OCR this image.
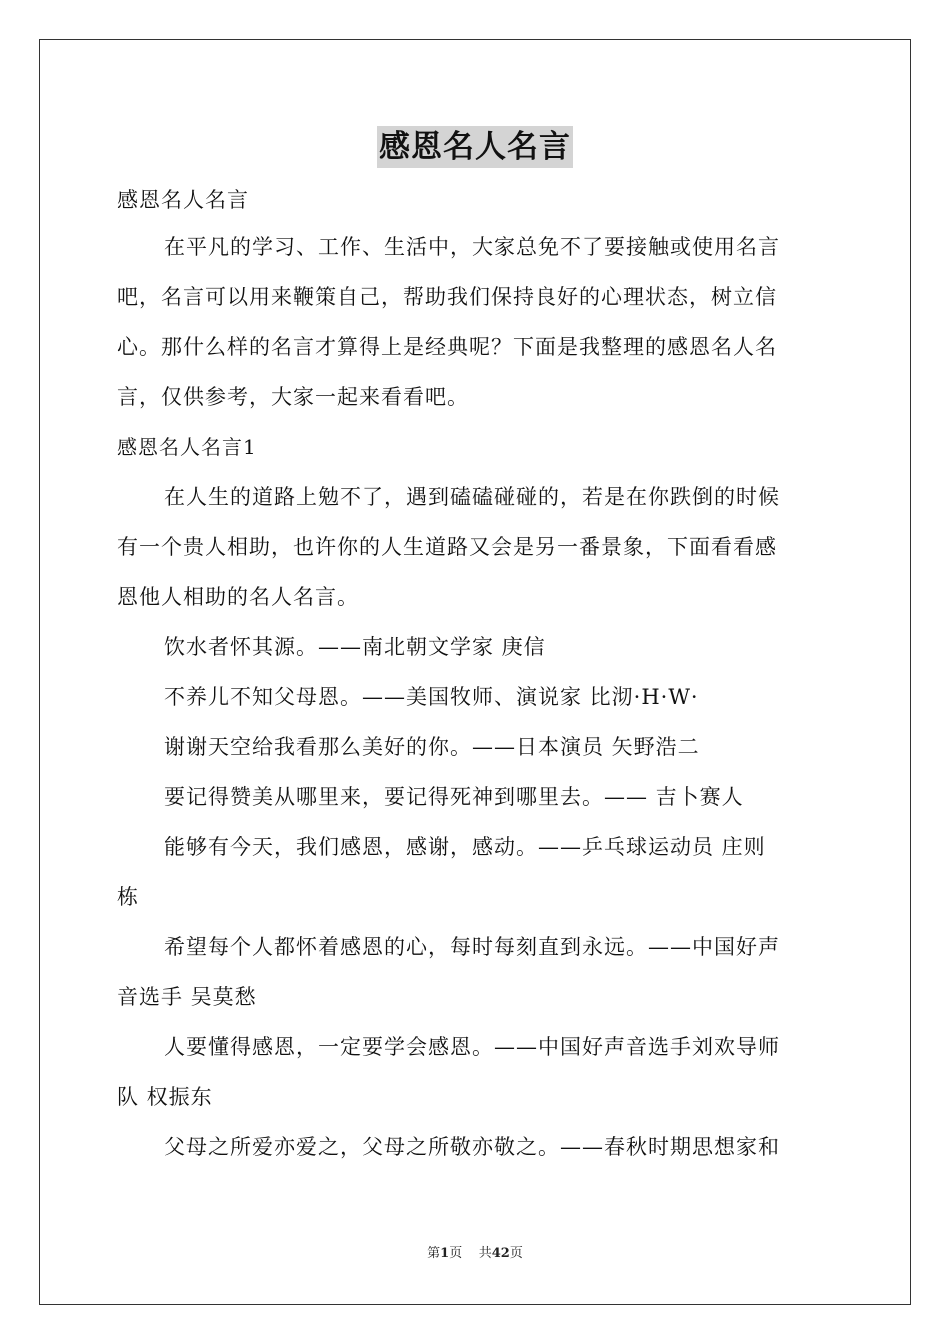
感恩名人名言
感恩名人名言
在平凡的学习、工作、生活中，大家总免不了要接触或使用名言
吧，名言可以用来鞭策自己，帮助我们保持良好的心理状态，树立信
心。那什么样的名言才算得上是经典呢？下面是我整理的感恩名人名
言，仅供参考，大家一起来看看吧。
感恩名人名言1
在人生的道路上勉不了，遇到磕磕碰碰的，若是在你跌倒的时候
有一个贵人相助，也许你的人生道路又会是另一番景象，下面看看感
恩他人相助的名人名言。
饮水者怀其源。——南北朝文学家 庚信
不养儿不知父母恩。——美国牧师、演说家 比沏·H·W·
谢谢天空给我看那么美好的你。——日本演员 矢野浩二
要记得赞美从哪里来，要记得死神到哪里去。—— 吉卜赛人
能够有今天，我们感恩，感谢，感动。——乒乓球运动员 庄则
栋
希望每个人都怀着感恩的心，每时每刻直到永远。——中国好声
音选手 吴莫愁
人要懂得感恩，一定要学会感恩。——中国好声音选手刘欢导师
队 权振东
父母之所爱亦爱之，父母之所敬亦敬之。——春秋时期思想家和
第1页 共42页
